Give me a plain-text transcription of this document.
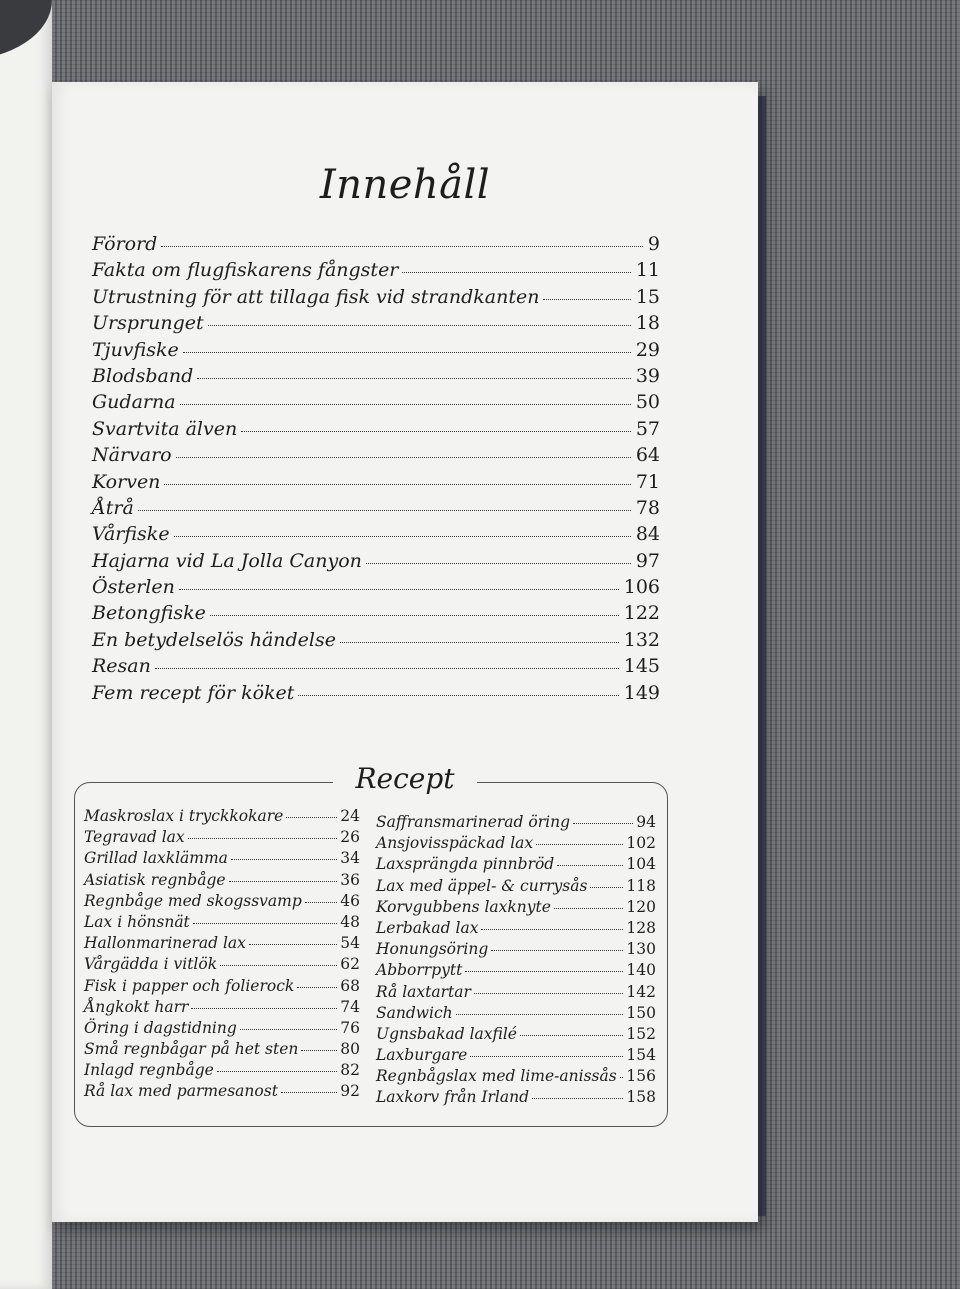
Innehåll
Förord	9
Fakta om flugfiskarens fångster	11
Utrustning för att tillaga fisk vid strandkanten	15
Ursprunget	18
Tjuvfiske	29
Blodsband	39
Gudarna	50
Svartvita älven	57
Närvaro	64
Korven	71
Åtrå	78
Vårfiske	84
Hajarna vid La Jolla Canyon	97
Österlen	106
Betongfiske	122
En betydelselös händelse	132
Resan	145
Fem recept för köket	149
Recept
Maskroslax i tryckkokare	24
Tegravad lax	26
Grillad laxklämma	34
Asiatisk regnbåge	36
Regnbåge med skogssvamp 46
Lax i hönsnät	48
Hallonmarinerad lax	54
Vårgädda i vitlök	62
Fisk i papper och folierock	68
Ångkokt harr	74
Öring i dagstidning	76
Små regnbågar på het sten	80
Inlagd regnbåge	82
Rå lax med parmesanost	92
Saffransmarinerad öring	94
Ansjovisspäckad lax	102
Laxsprängda pinnbröd	104
Lax med äppel- & currysås	118
Korvgubbens laxknyte	120
Lerbakad lax	128
Honungsöring	130
Abborrpytt	140
Rå laxtartar	142
Sandwich	150
Ugnsbakad laxfilé	152
Laxburgare	154
Regnbågslax med lime-anissås 156
Laxkorv från Irland	158
